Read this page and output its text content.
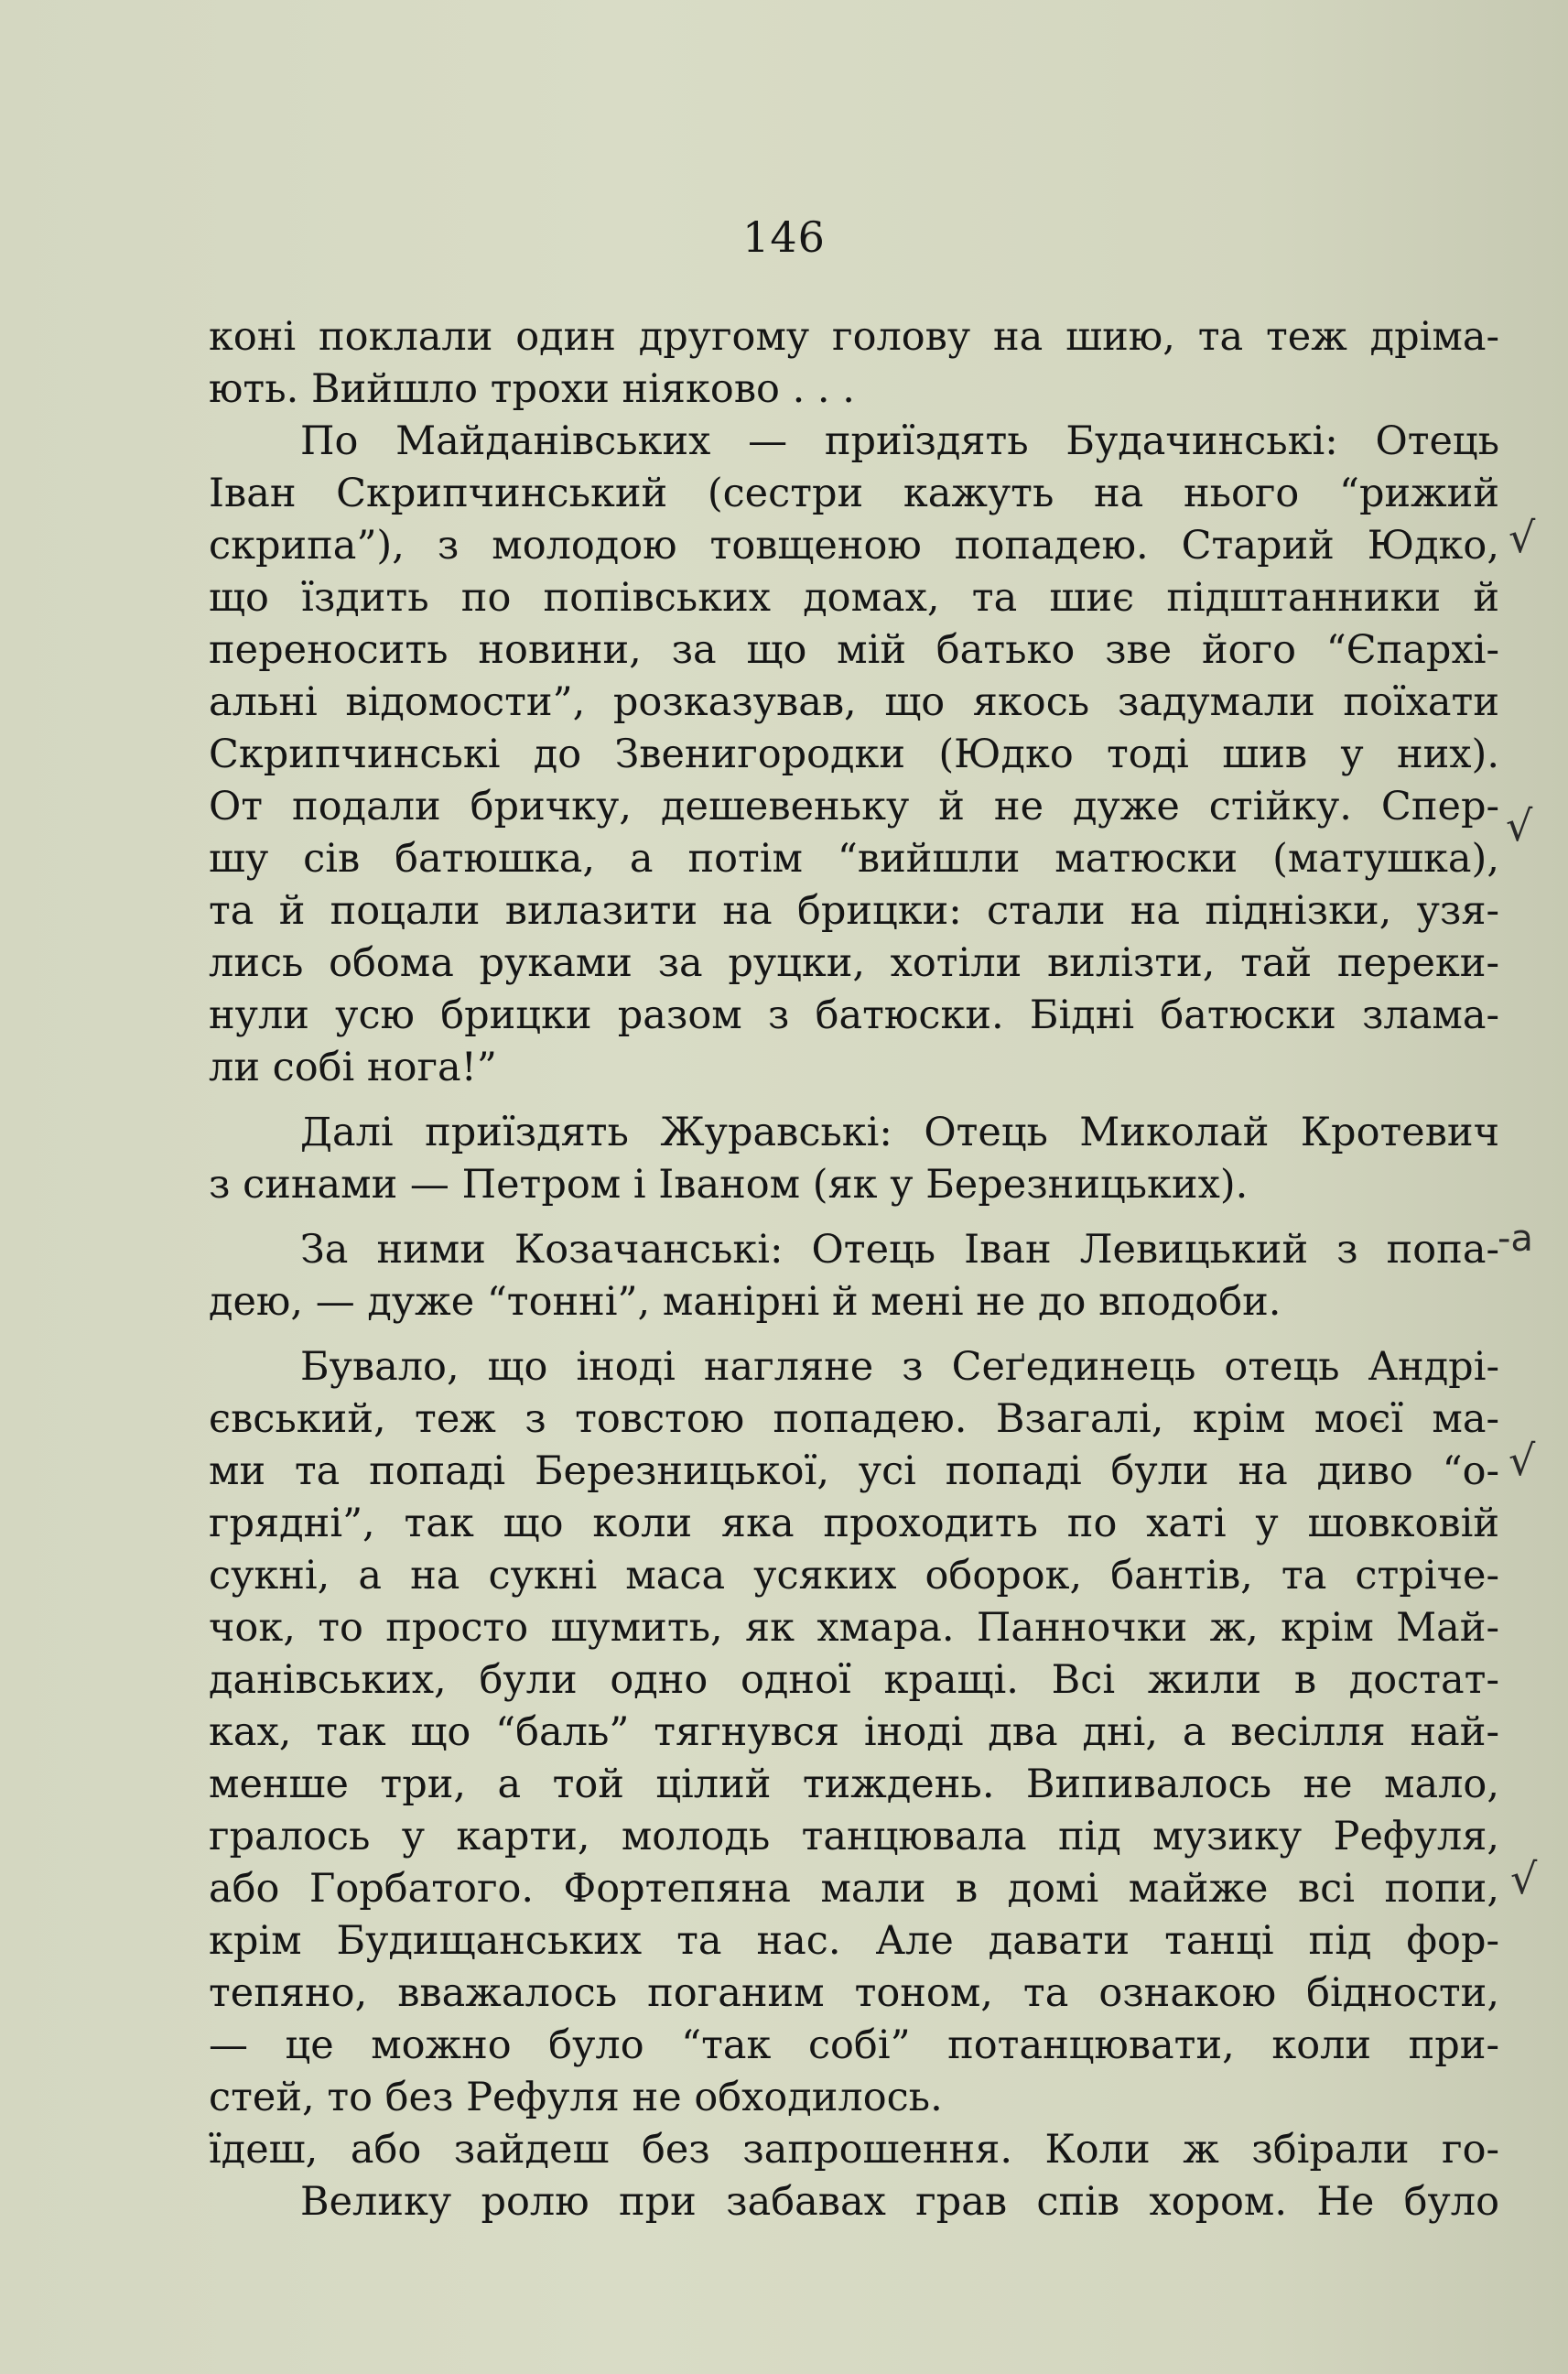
146
коні поклали один другому голову на шию, та теж дріма-
ють. Вийшло трохи ніяково . . .
По Майданівських — приїздять Будачинські: Отець
Іван Скрипчинський (сестри кажуть на нього “рижий
скрипа”), з молодою товщеною попадею. Старий Юдко,
що їздить по попівських домах, та шиє підштанники й
переносить новини, за що мій батько зве його “Єпархі-
альні відомости”, розказував, що якось задумали поїхати
Скрипчинські до Звенигородки (Юдко тоді шив у них).
От подали бричку, дешевеньку й не дуже стійку. Спер-
шу сів батюшка, а потім “вийшли матюски (матушка),
та й поцали вилазити на брицки: стали на піднізки, узя-
лись обома руками за руцки, хотіли вилізти, тай переки-
нули усю брицки разом з батюски. Бідні батюски злама-
ли собі нога!”
Далі приїздять Журавські: Отець Миколай Кротевич
з синами — Петром і Іваном (як у Березницьких).
За ними Козачанські: Отець Іван Левицький з попа-
дею, — дуже “тонні”, манірні й мені не до вподоби.
Бувало, що іноді нагляне з Сеґединець отець Андрі-
євський, теж з товстою попадею. Взагалі, крім моєї ма-
ми та попаді Березницької, усі попаді були на диво “о-
грядні”, так що коли яка проходить по хаті у шовковій
сукні, а на сукні маса усяких оборок, бантів, та стріче-
чок, то просто шумить, як хмара. Панночки ж, крім Май-
данівських, були одно одної кращі. Всі жили в достат-
ках, так що “баль” тягнувся іноді два дні, а весілля най-
менше три, а той цілий тиждень. Випивалось не мало,
гралось у карти, молодь танцювала під музику Рефуля,
або Горбатого. Фортепяна мали в домі майже всі попи,
крім Будищанських та нас. Але давати танці під фор-
тепяно, вважалось поганим тоном, та ознакою бідности,
— це можно було “так собі” потанцювати, коли при-
стей, то без Рефуля не обходилось.
їдеш, або зайдеш без запрошення. Коли ж збірали го-
Велику ролю при забавах грав спів хором. Не було
√
√
-а
√
√
